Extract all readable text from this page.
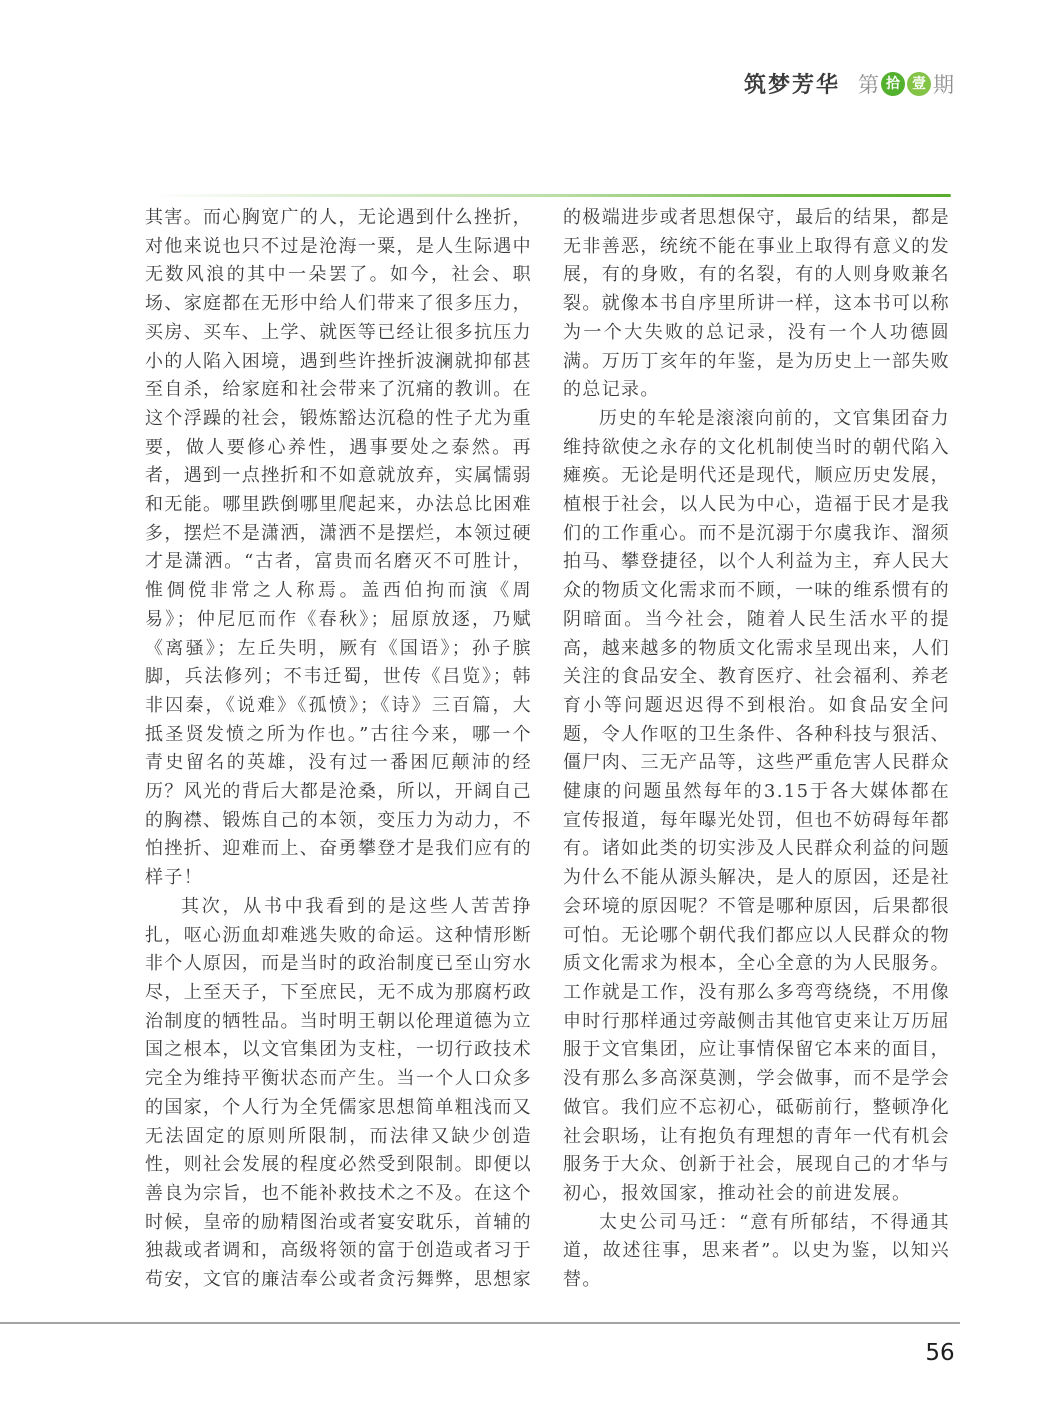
筑梦芳华 第 拾 壹 期

其害。而心胸宽广的人，无论遇到什么挫折，对他来说也只不过是沧海一粟，是人生际遇中无数风浪的其中一朵罢了。如今，社会、职场、家庭都在无形中给人们带来了很多压力，买房、买车、上学、就医等已经让很多抗压力小的人陷入困境，遇到些许挫折波澜就抑郁甚至自杀，给家庭和社会带来了沉痛的教训。在这个浮躁的社会，锻炼豁达沉稳的性子尤为重要，做人要修心养性，遇事要处之泰然。再者，遇到一点挫折和不如意就放弃，实属懦弱和无能。哪里跌倒哪里爬起来，办法总比困难多，摆烂不是潇洒，潇洒不是摆烂，本领过硬才是潇洒。“古者，富贵而名磨灭不可胜计，惟倜傥非常之人称焉。盖西伯拘而演《周易》；仲尼厄而作《春秋》；屈原放逐，乃赋《离骚》；左丘失明，厥有《国语》；孙子膑脚，兵法修列；不韦迁蜀，世传《吕览》；韩非囚秦，《说难》《孤愤》；《诗》三百篇，大抵圣贤发愤之所为作也。”古往今来，哪一个青史留名的英雄，没有过一番困厄颠沛的经历？风光的背后大都是沧桑，所以，开阔自己的胸襟、锻炼自己的本领，变压力为动力，不怕挫折、迎难而上、奋勇攀登才是我们应有的样子！

其次，从书中我看到的是这些人苦苦挣扎，呕心沥血却难逃失败的命运。这种情形断非个人原因，而是当时的政治制度已至山穷水尽，上至天子，下至庶民，无不成为那腐朽政治制度的牺牲品。当时明王朝以伦理道德为立国之根本，以文官集团为支柱，一切行政技术完全为维持平衡状态而产生。当一个人口众多的国家，个人行为全凭儒家思想简单粗浅而又无法固定的原则所限制，而法律又缺少创造性，则社会发展的程度必然受到限制。即便以善良为宗旨，也不能补救技术之不及。在这个时候，皇帝的励精图治或者宴安耽乐，首辅的独裁或者调和，高级将领的富于创造或者习于苟安，文官的廉洁奉公或者贪污舞弊，思想家

的极端进步或者思想保守，最后的结果，都是无非善恶，统统不能在事业上取得有意义的发展，有的身败，有的名裂，有的人则身败兼名裂。就像本书自序里所讲一样，这本书可以称为一个大失败的总记录，没有一个人功德圆满。万历丁亥年的年鉴，是为历史上一部失败的总记录。

历史的车轮是滚滚向前的，文官集团奋力维持欲使之永存的文化机制使当时的朝代陷入瘫痪。无论是明代还是现代，顺应历史发展，植根于社会，以人民为中心，造福于民才是我们的工作重心。而不是沉溺于尔虞我诈、溜须拍马、攀登捷径，以个人利益为主，弃人民大众的物质文化需求而不顾，一味的维系惯有的阴暗面。当今社会，随着人民生活水平的提高，越来越多的物质文化需求呈现出来，人们关注的食品安全、教育医疗、社会福利、养老育小等问题迟迟得不到根治。如食品安全问题，令人作呕的卫生条件、各种科技与狠活、僵尸肉、三无产品等，这些严重危害人民群众健康的问题虽然每年的3.15于各大媒体都在宣传报道，每年曝光处罚，但也不妨碍每年都有。诸如此类的切实涉及人民群众利益的问题为什么不能从源头解决，是人的原因，还是社会环境的原因呢？不管是哪种原因，后果都很可怕。无论哪个朝代我们都应以人民群众的物质文化需求为根本，全心全意的为人民服务。工作就是工作，没有那么多弯弯绕绕，不用像申时行那样通过旁敲侧击其他官吏来让万历屈服于文官集团，应让事情保留它本来的面目，没有那么多高深莫测，学会做事，而不是学会做官。我们应不忘初心，砥砺前行，整顿净化社会职场，让有抱负有理想的青年一代有机会服务于大众、创新于社会，展现自己的才华与初心，报效国家，推动社会的前进发展。

太史公司马迁：“意有所郁结，不得通其道，故述往事，思来者”。以史为鉴，以知兴替。

56
